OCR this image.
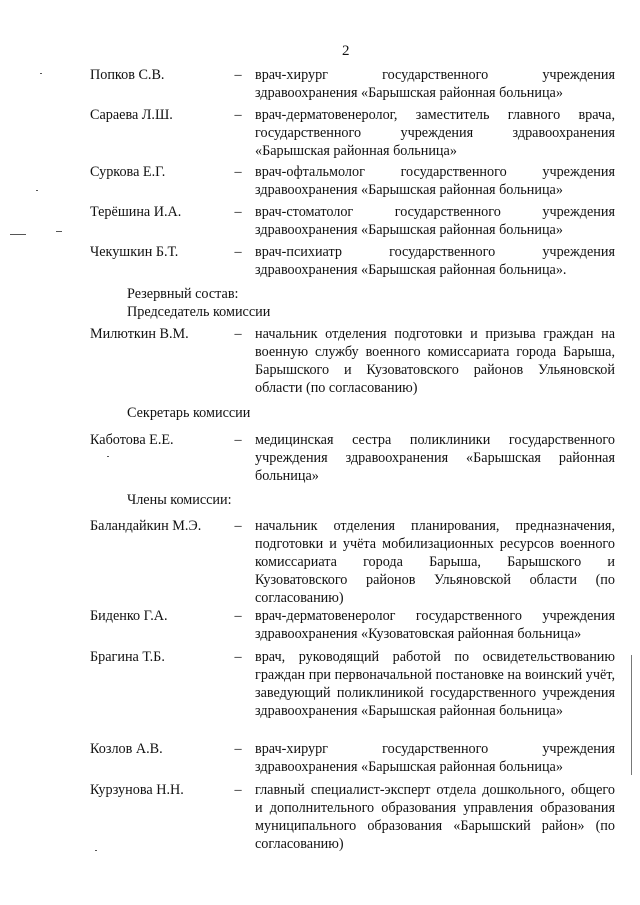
2
Попков С.В.	– врач-хирург государственного учреждения здравоохранения «Барышская районная больница»
Сараева Л.Ш.	– врач-дерматовенеролог, заместитель главного врача, государственного учреждения здравоохранения «Барышская районная больница»
Суркова Е.Г.	– врач-офтальмолог государственного учреждения здравоохранения «Барышская районная больница»
Терёшина И.А.	– врач-стоматолог государственного учреждения здравоохранения «Барышская районная больница»
Чекушкин Б.Т.	– врач-психиатр государственного учреждения здравоохранения «Барышская районная больница».
Резервный состав:
Председатель комиссии
Милюткин В.М.	– начальник отделения подготовки и призыва граждан на военную службу военного комиссариата города Барыша, Барышского и Кузоватовского районов Ульяновской области (по согласованию)
Секретарь комиссии
Каботова Е.Е.	– медицинская сестра поликлиники государственного учреждения здравоохранения «Барышская районная больница»
Члены комиссии:
Баландайкин М.Э.	– начальник отделения планирования, предназначения, подготовки и учёта мобилизационных ресурсов военного комиссариата города Барыша, Барышского и Кузоватовского районов Ульяновской области (по согласованию)
Биденко Г.А.	– врач-дерматовенеролог государственного учреждения здравоохранения «Кузоватовская районная больница»
Брагина Т.Б.	– врач, руководящий работой по освидетельствованию граждан при первоначальной постановке на воинский учёт, заведующий поликлиникой государственного учреждения здравоохранения «Барышская районная больница»
Козлов А.В.	– врач-хирург государственного учреждения здравоохранения «Барышская районная больница»
Курзунова Н.Н.	– главный специалист-эксперт отдела дошкольного, общего и дополнительного образования управления образования муниципального образования «Барышский район» (по согласованию)
